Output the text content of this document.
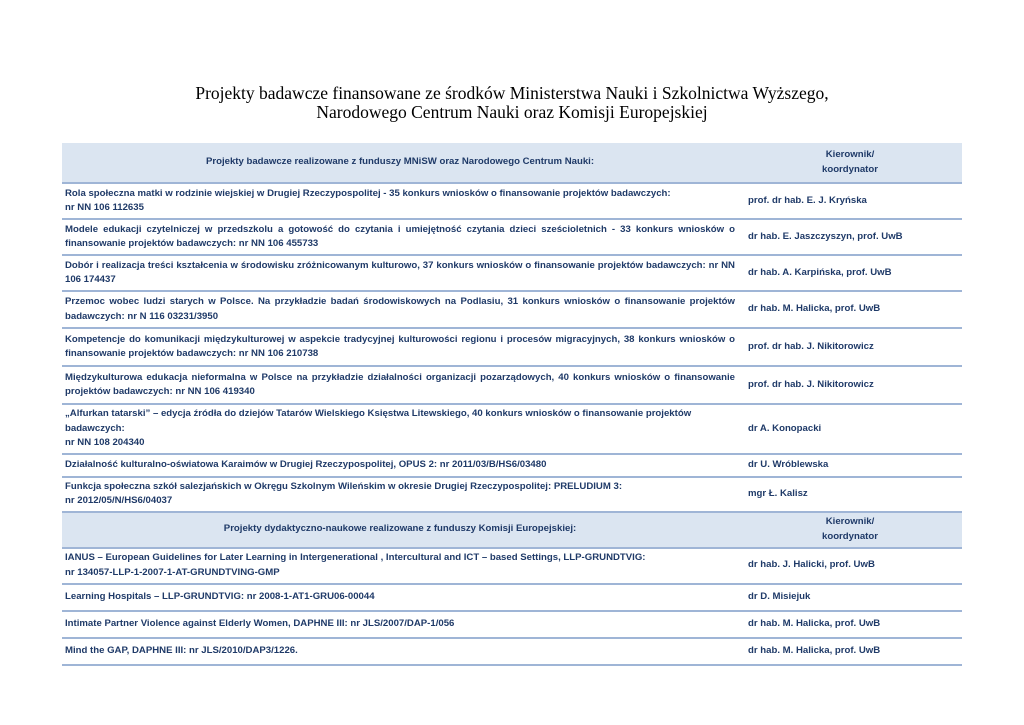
Projekty badawcze finansowane ze środków Ministerstwa Nauki i Szkolnictwa Wyższego,
Narodowego Centrum Nauki oraz Komisji Europejskiej
Projekty badawcze realizowane z funduszy MNiSW oraz Narodowego Centrum Nauki:	Kierownik/
koordynator
Rola społeczna matki w rodzinie wiejskiej w Drugiej Rzeczypospolitej - 35 konkurs wniosków o finansowanie projektów badawczych:
nr NN 106 112635	prof. dr hab. E. J. Kryńska
Modele edukacji czytelniczej w przedszkolu a gotowość do czytania i umiejętność czytania dzieci sześcioletnich - 33 konkurs wniosków o finansowanie projektów badawczych: nr NN 106 455733	dr hab. E. Jaszczyszyn, prof. UwB
Dobór i realizacja treści kształcenia w środowisku zróżnicowanym kulturowo, 37 konkurs wniosków o finansowanie projektów badawczych: nr NN 106 174437	dr hab. A. Karpińska, prof. UwB
Przemoc wobec ludzi starych w Polsce. Na przykładzie badań środowiskowych na Podlasiu, 31 konkurs wniosków o finansowanie projektów badawczych: nr N 116 03231/3950	dr hab. M. Halicka, prof. UwB
Kompetencje do komunikacji międzykulturowej w aspekcie tradycyjnej kulturowości regionu i procesów migracyjnych, 38 konkurs wniosków o finansowanie projektów badawczych: nr NN 106 210738	prof. dr hab. J. Nikitorowicz
Międzykulturowa edukacja nieformalna w Polsce na przykładzie działalności organizacji pozarządowych, 40 konkurs wniosków o finansowanie projektów badawczych: nr NN 106 419340	prof. dr hab. J. Nikitorowicz
„Alfurkan tatarski” – edycja źródła do dziejów Tatarów Wielskiego Księstwa Litewskiego, 40 konkurs wniosków o finansowanie projektów badawczych:
nr NN 108 204340	dr A. Konopacki
Działalność kulturalno-oświatowa Karaimów w Drugiej Rzeczypospolitej, OPUS 2: nr 2011/03/B/HS6/03480	dr U. Wróblewska
Funkcja społeczna szkół salezjańskich w Okręgu Szkolnym Wileńskim w okresie Drugiej Rzeczypospolitej: PRELUDIUM 3:
nr 2012/05/N/HS6/04037	mgr Ł. Kalisz
Projekty dydaktyczno-naukowe realizowane z funduszy Komisji Europejskiej:	Kierownik/
koordynator
IANUS – European Guidelines for Later Learning in Intergenerational , Intercultural and ICT – based Settings, LLP-GRUNDTVIG:
nr 134057-LLP-1-2007-1-AT-GRUNDTVING-GMP	dr hab. J. Halicki, prof. UwB
Learning Hospitals – LLP-GRUNDTVIG: nr 2008-1-AT1-GRU06-00044	dr D. Misiejuk
Intimate Partner Violence against Elderly Women, DAPHNE III: nr JLS/2007/DAP-1/056	dr hab. M. Halicka, prof. UwB
Mind the GAP, DAPHNE III: nr JLS/2010/DAP3/1226.	dr hab. M. Halicka, prof. UwB
